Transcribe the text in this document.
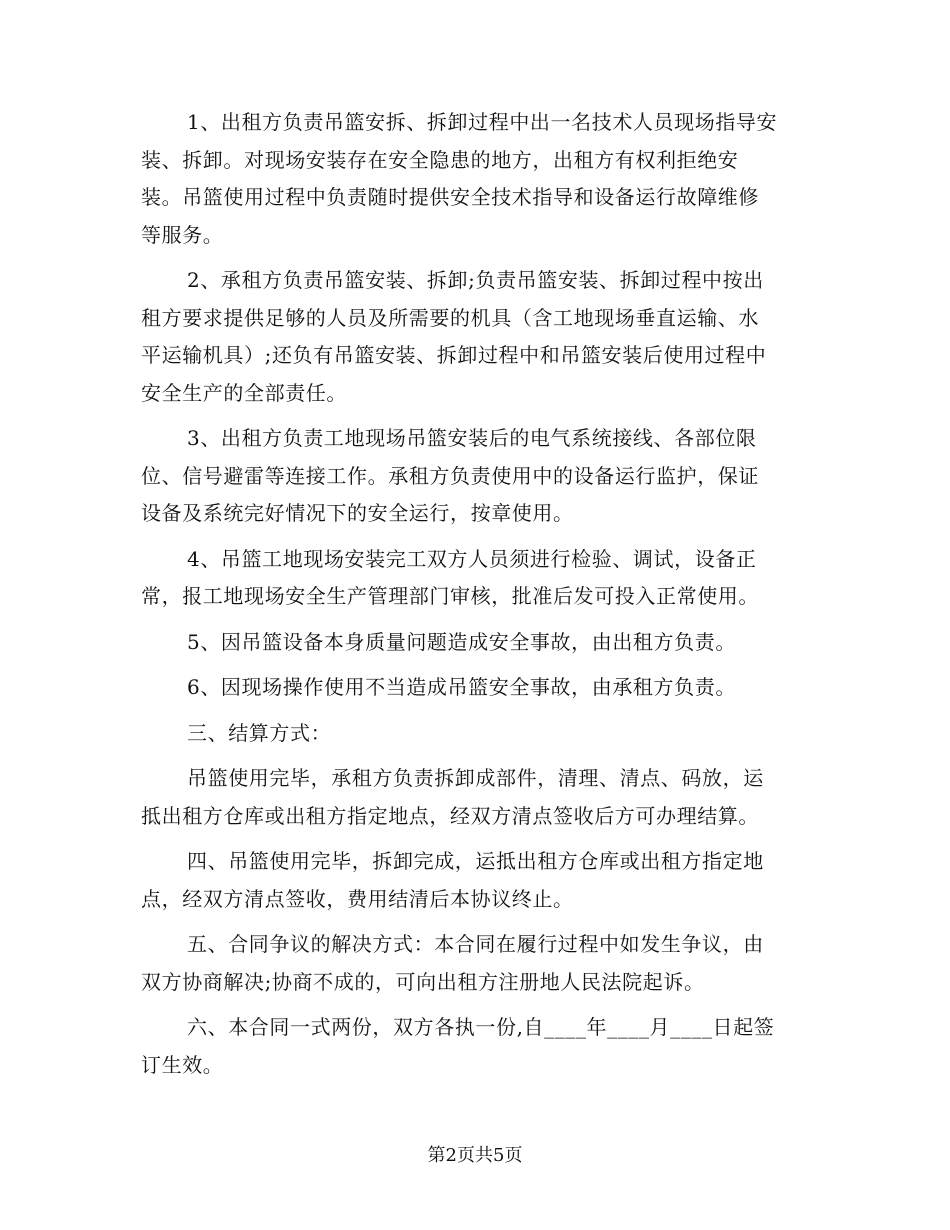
1、出租方负责吊篮安拆、拆卸过程中出一名技术人员现场指导安
装、拆卸。对现场安装存在安全隐患的地方，出租方有权利拒绝安
装。吊篮使用过程中负责随时提供安全技术指导和设备运行故障维修
等服务。
2、承租方负责吊篮安装、拆卸;负责吊篮安装、拆卸过程中按出
租方要求提供足够的人员及所需要的机具（含工地现场垂直运输、水
平运输机具）;还负有吊篮安装、拆卸过程中和吊篮安装后使用过程中
安全生产的全部责任。
3、出租方负责工地现场吊篮安装后的电气系统接线、各部位限
位、信号避雷等连接工作。承租方负责使用中的设备运行监护，保证
设备及系统完好情况下的安全运行，按章使用。
4、吊篮工地现场安装完工双方人员须进行检验、调试，设备正
常，报工地现场安全生产管理部门审核，批准后发可投入正常使用。
5、因吊篮设备本身质量问题造成安全事故，由出租方负责。
6、因现场操作使用不当造成吊篮安全事故，由承租方负责。
三、结算方式：
吊篮使用完毕，承租方负责拆卸成部件，清理、清点、码放，运
抵出租方仓库或出租方指定地点，经双方清点签收后方可办理结算。
四、吊篮使用完毕，拆卸完成，运抵出租方仓库或出租方指定地
点，经双方清点签收，费用结清后本协议终止。
五、合同争议的解决方式：本合同在履行过程中如发生争议，由
双方协商解决;协商不成的，可向出租方注册地人民法院起诉。
六、本合同一式两份，双方各执一份,自____年____月____日起签
订生效。
第2页共5页
